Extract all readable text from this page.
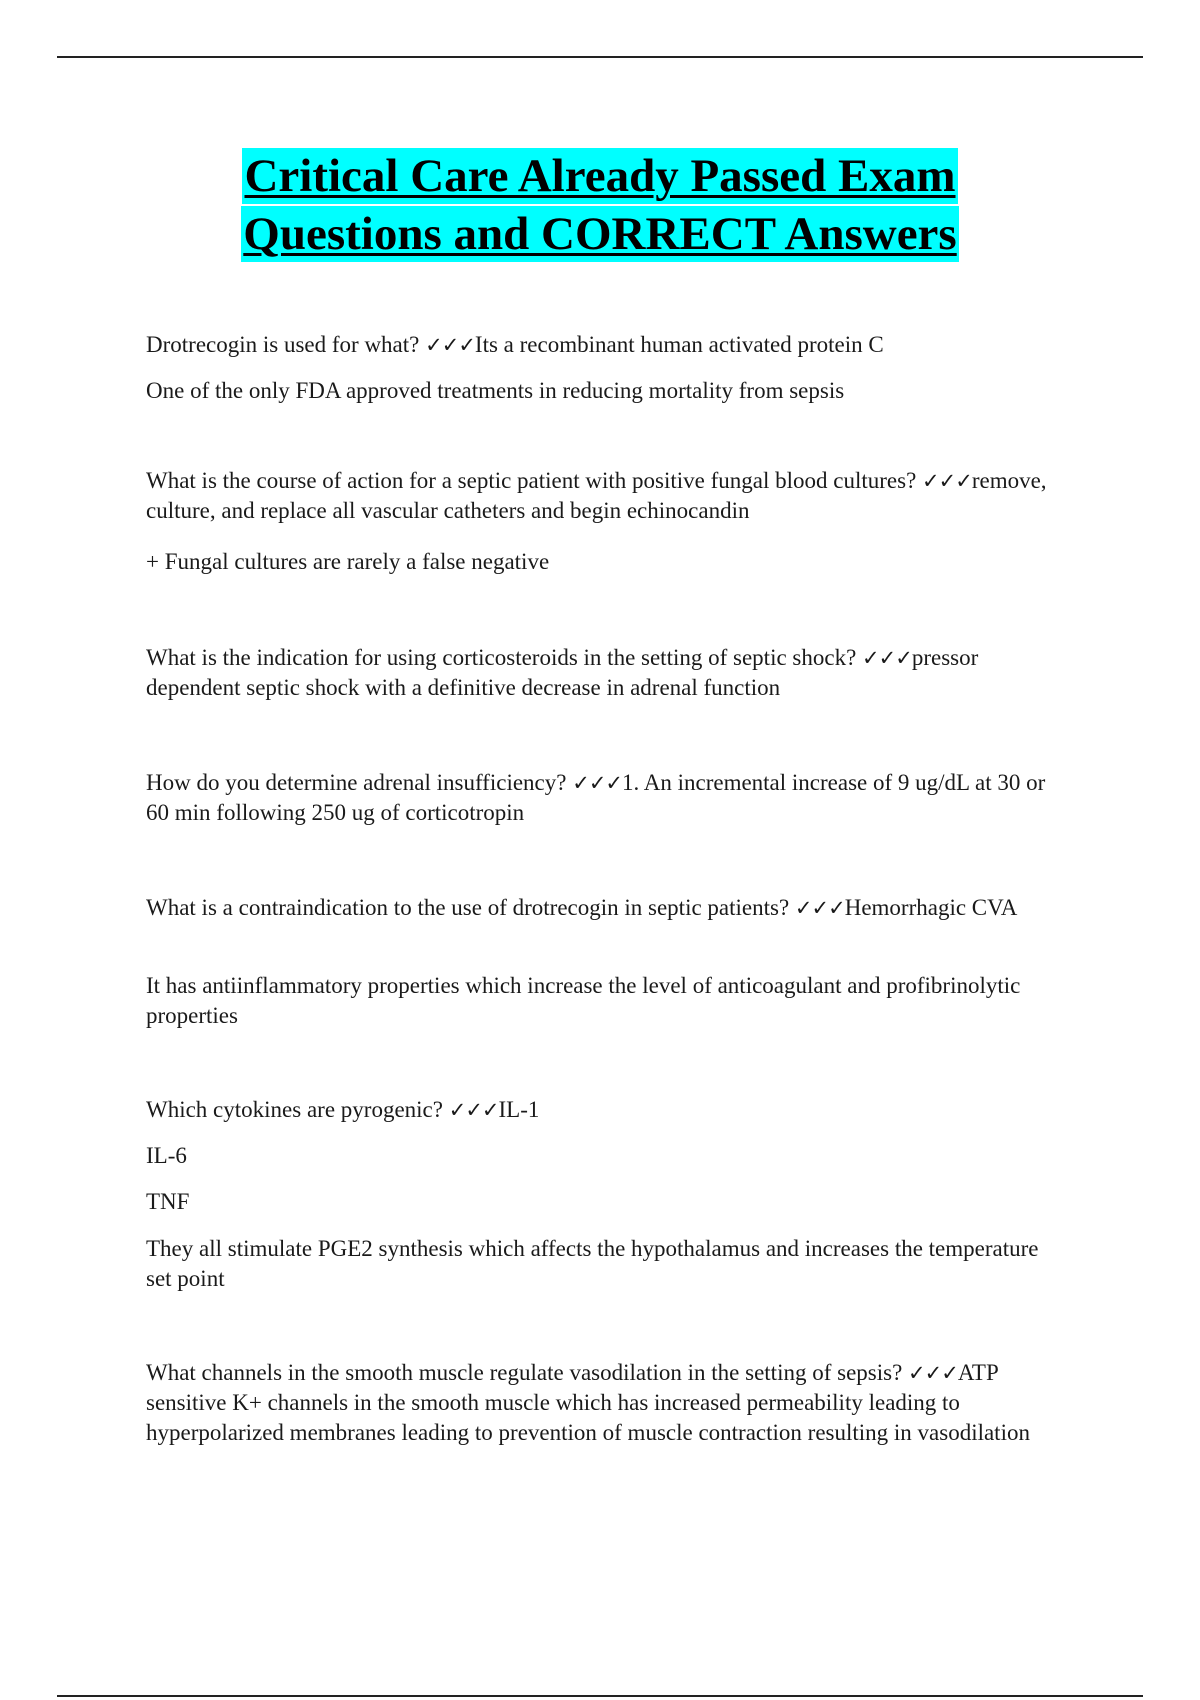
Critical Care Already Passed Exam
Questions and CORRECT Answers

Drotrecogin is used for what? ✓✓✓Its a recombinant human activated protein C

One of the only FDA approved treatments in reducing mortality from sepsis

What is the course of action for a septic patient with positive fungal blood cultures? ✓✓✓remove, culture, and replace all vascular catheters and begin echinocandin

+ Fungal cultures are rarely a false negative

What is the indication for using corticosteroids in the setting of septic shock? ✓✓✓pressor dependent septic shock with a definitive decrease in adrenal function

How do you determine adrenal insufficiency? ✓✓✓1. An incremental increase of 9 ug/dL at 30 or 60 min following 250 ug of corticotropin

What is a contraindication to the use of drotrecogin in septic patients? ✓✓✓Hemorrhagic CVA

It has antiinflammatory properties which increase the level of anticoagulant and profibrinolytic properties

Which cytokines are pyrogenic? ✓✓✓IL-1

IL-6

TNF

They all stimulate PGE2 synthesis which affects the hypothalamus and increases the temperature set point

What channels in the smooth muscle regulate vasodilation in the setting of sepsis? ✓✓✓ATP sensitive K+ channels in the smooth muscle which has increased permeability leading to hyperpolarized membranes leading to prevention of muscle contraction resulting in vasodilation
